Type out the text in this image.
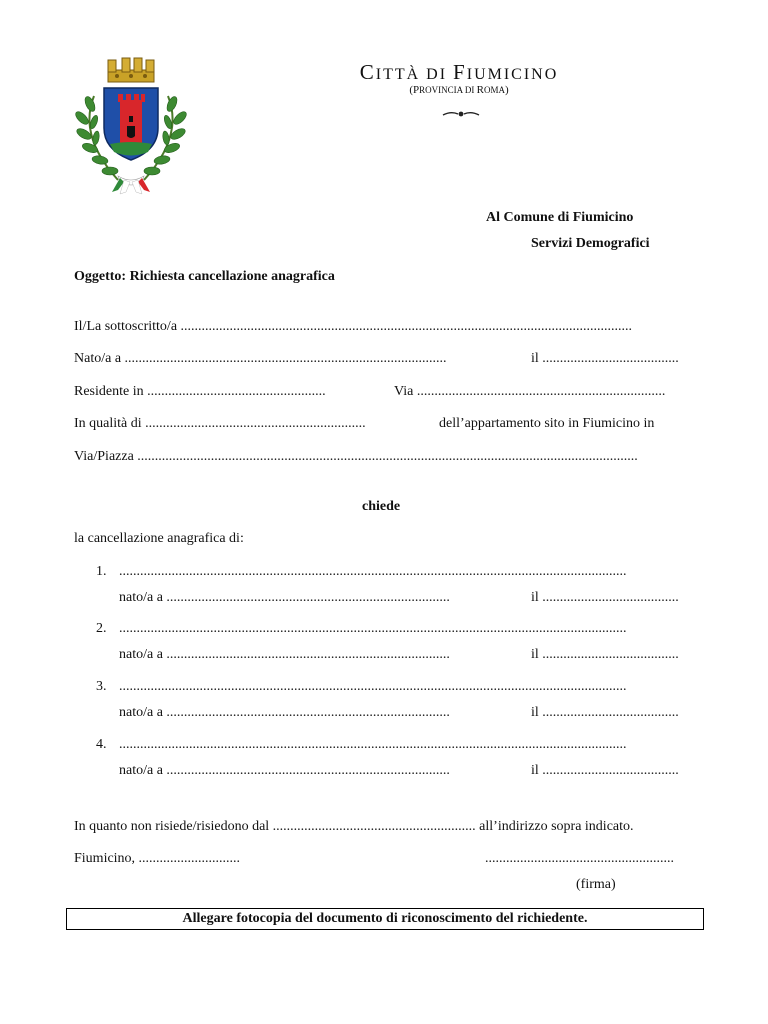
CITTÀ DI FIUMICINO
(PROVINCIA DI ROMA)
Al Comune di Fiumicino
Servizi Demografici
Oggetto: Richiesta cancellazione anagrafica
Il/La sottoscritto/a .................................................................................................................................
Nato/a a ............................................................................................	il .......................................
Residente in ...................................................	Via .......................................................................
In qualità di ...............................................................	dell’appartamento sito in Fiumicino in
Via/Piazza ...............................................................................................................................................
chiede
la cancellazione anagrafica di:
1. .................................................................................................................................................
nato/a a .................................................................................	il .......................................
2. .................................................................................................................................................
nato/a a .................................................................................	il .......................................
3. .................................................................................................................................................
nato/a a .................................................................................	il .......................................
4. .................................................................................................................................................
nato/a a .................................................................................	il .......................................
In quanto non risiede/risiedono dal .......................................................... all’indirizzo sopra indicato.
Fiumicino, .............................	......................................................
(firma)
Allegare fotocopia del documento di riconoscimento del richiedente.
